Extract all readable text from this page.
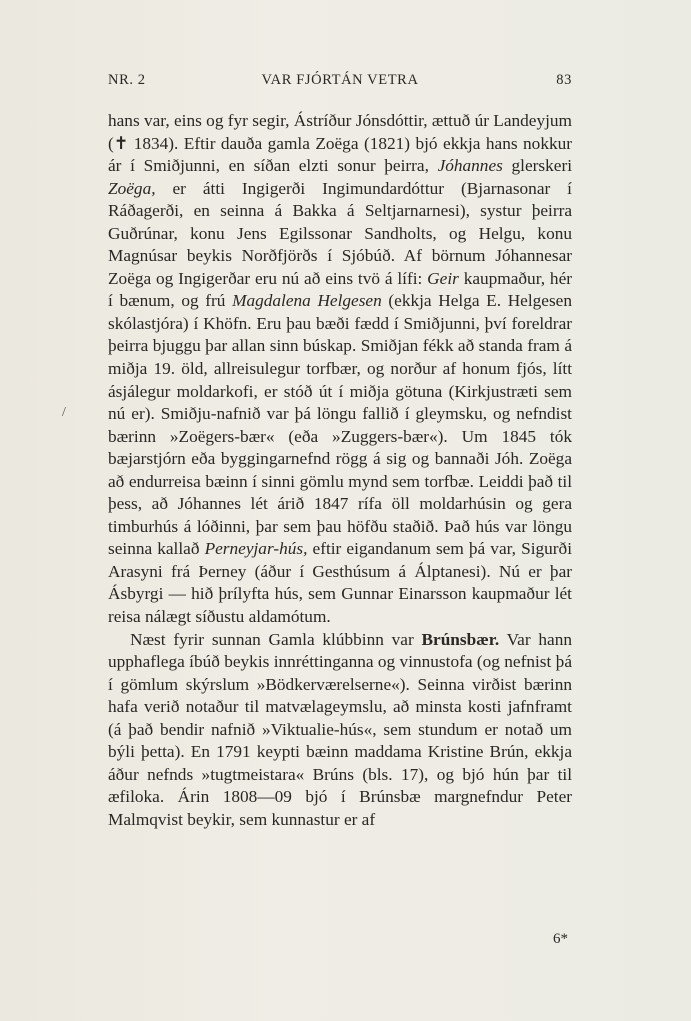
NR. 2	VAR FJÓRTÁN VETRA	83
/

hans var, eins og fyr segir, Ástríður Jónsdóttir, ættuð úr Landeyjum (✝ 1834). Eftir dauða gamla Zoëga (1821) bjó ekkja hans nokkur ár í Smiðjunni, en síðan elzti sonur þeirra, Jóhannes glerskeri Zoëga, er átti Ingigerði Ingimundardóttur (Bjarnasonar í Ráðagerði, en seinna á Bakka á Seltjarnarnesi), systur þeirra Guðrúnar, konu Jens Egilssonar Sandholts, og Helgu, konu Magnúsar beykis Norðfjörðs í Sjóbúð. Af börnum Jóhannesar Zoëga og Ingigerðar eru nú að eins tvö á lífi: Geir kaupmaður, hér í bænum, og frú Magdalena Helgesen (ekkja Helga E. Helgesen skólastjóra) í Khöfn. Eru þau bæði fædd í Smiðjunni, því foreldrar þeirra bjuggu þar allan sinn búskap. Smiðjan fékk að standa fram á miðja 19. öld, allreisulegur torfbær, og norður af honum fjós, lítt ásjálegur moldarkofi, er stóð út í miðja götuna (Kirkjustræti sem nú er). Smiðju-nafnið var þá löngu fallið í gleymsku, og nefndist bærinn »Zoëgers-bær« (eða »Zuggers-bær«). Um 1845 tók bæjarstjórn eða byggingarnefnd rögg á sig og bannaði Jóh. Zoëga að endurreisa bæinn í sinni gömlu mynd sem torfbæ. Leiddi það til þess, að Jóhannes lét árið 1847 rífa öll moldarhúsin og gera timburhús á lóðinni, þar sem þau höfðu staðið. Það hús var löngu seinna kallað Perneyjar-hús, eftir eigandanum sem þá var, Sigurði Arasyni frá Þerney (áður í Gesthúsum á Álptanesi). Nú er þar Ásbyrgi — hið þrílyfta hús, sem Gunnar Einarsson kaupmaður lét reisa nálægt síðustu aldamótum.

Næst fyrir sunnan Gamla klúbbinn var Brúnsbær. Var hann upphaflega íbúð beykis innréttinganna og vinnustofa (og nefnist þá í gömlum skýrslum »Bödkerværelserne«). Seinna virðist bærinn hafa verið notaður til matvælageymslu, að minsta kosti jafnframt (á það bendir nafnið »Viktualie-hús«, sem stundum er notað um býli þetta). En 1791 keypti bæinn maddama Kristine Brún, ekkja áður nefnds »tugtmeistara« Brúns (bls. 17), og bjó hún þar til æfiloka. Árin 1808—09 bjó í Brúnsbæ margnefndur Peter Malmqvist beykir, sem kunnastur er af

6*
